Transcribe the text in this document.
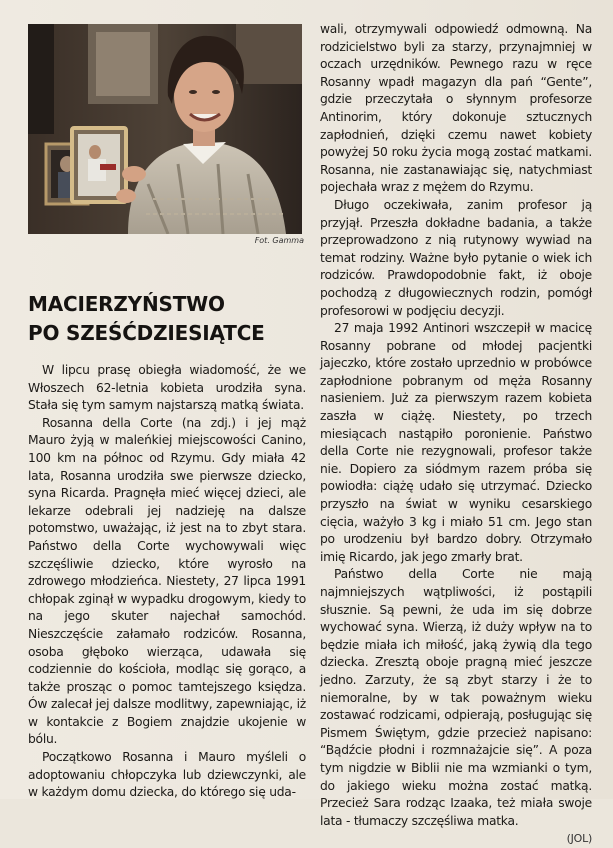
Fot. Gamma
MACIERZYŃSTWO
PO SZEŚĆDZIESIĄTCE

W lipcu prasę obiegła wiadomość, że we Włoszech 62-letnia kobieta urodziła syna. Stała się tym samym najstarszą matką świata.

Rosanna della Corte (na zdj.) i jej mąż Mauro żyją w maleńkiej miejscowości Canino, 100 km na północ od Rzymu. Gdy miała 42 lata, Rosanna urodziła swe pierwsze dziecko, syna Ricarda. Pragnęła mieć więcej dzieci, ale lekarze odebrali jej nadzieję na dalsze potomstwo, uważając, iż jest na to zbyt stara. Państwo della Corte wychowywali więc szczęśliwie dziecko, które wyrosło na zdrowego młodzieńca. Niestety, 27 lipca 1991 chłopak zginął w wypadku drogowym, kiedy to na jego skuter najechał samochód. Nieszczęście załamało rodziców. Rosanna, osoba głęboko wierząca, udawała się codziennie do kościoła, modląc się gorąco, a także prosząc o pomoc tamtejszego księdza. Ów zalecał jej dalsze modlitwy, zapewniając, iż w kontakcie z Bogiem znajdzie ukojenie w bólu.

Początkowo Rosanna i Mauro myśleli o adoptowaniu chłopczyka lub dziewczynki, ale w każdym domu dziecka, do którego się uda-

wali, otrzymywali odpowiedź odmowną. Na rodzicielstwo byli za starzy, przynajmniej w oczach urzędników. Pewnego razu w ręce Rosanny wpadł magazyn dla pań “Gente”, gdzie przeczytała o słynnym profesorze Antinorim, który dokonuje sztucznych zapłodnień, dzięki czemu nawet kobiety powyżej 50 roku życia mogą zostać matkami. Rosanna, nie zastanawiając się, natychmiast pojechała wraz z mężem do Rzymu.

Długo oczekiwała, zanim profesor ją przyjął. Przeszła dokładne badania, a także przeprowadzono z nią rutynowy wywiad na temat rodziny. Ważne było pytanie o wiek ich rodziców. Prawdopodobnie fakt, iż oboje pochodzą z długowiecznych rodzin, pomógł profesorowi w podjęciu decyzji.

27 maja 1992 Antinori wszczepił w macicę Rosanny pobrane od młodej pacjentki jajeczko, które zostało uprzednio w probówce zapłodnione pobranym od męża Rosanny nasieniem. Już za pierwszym razem kobieta zaszła w ciążę. Niestety, po trzech miesiącach nastąpiło poronienie. Państwo della Corte nie rezygnowali, profesor także nie. Dopiero za siódmym razem próba się powiodła: ciążę udało się utrzymać. Dziecko przyszło na świat w wyniku cesarskiego cięcia, ważyło 3 kg i miało 51 cm. Jego stan po urodzeniu był bardzo dobry. Otrzymało imię Ricardo, jak jego zmarły brat.

Państwo della Corte nie mają najmniejszych wątpliwości, iż postąpili słusznie. Są pewni, że uda im się dobrze wychować syna. Wierzą, iż duży wpływ na to będzie miała ich miłość, jaką żywią dla tego dziecka. Zresztą oboje pragną mieć jeszcze jedno. Zarzuty, że są zbyt starzy i że to niemoralne, by w tak poważnym wieku zostawać rodzicami, odpierają, posługując się Pismem Świętym, gdzie przecież napisano: “Bądźcie płodni i rozmnażajcie się”. A poza tym nigdzie w Biblii nie ma wzmianki o tym, do jakiego wieku można zostać matką. Przecież Sara rodząc Izaaka, też miała swoje lata - tłumaczy szczęśliwa matka.

(JOL)
